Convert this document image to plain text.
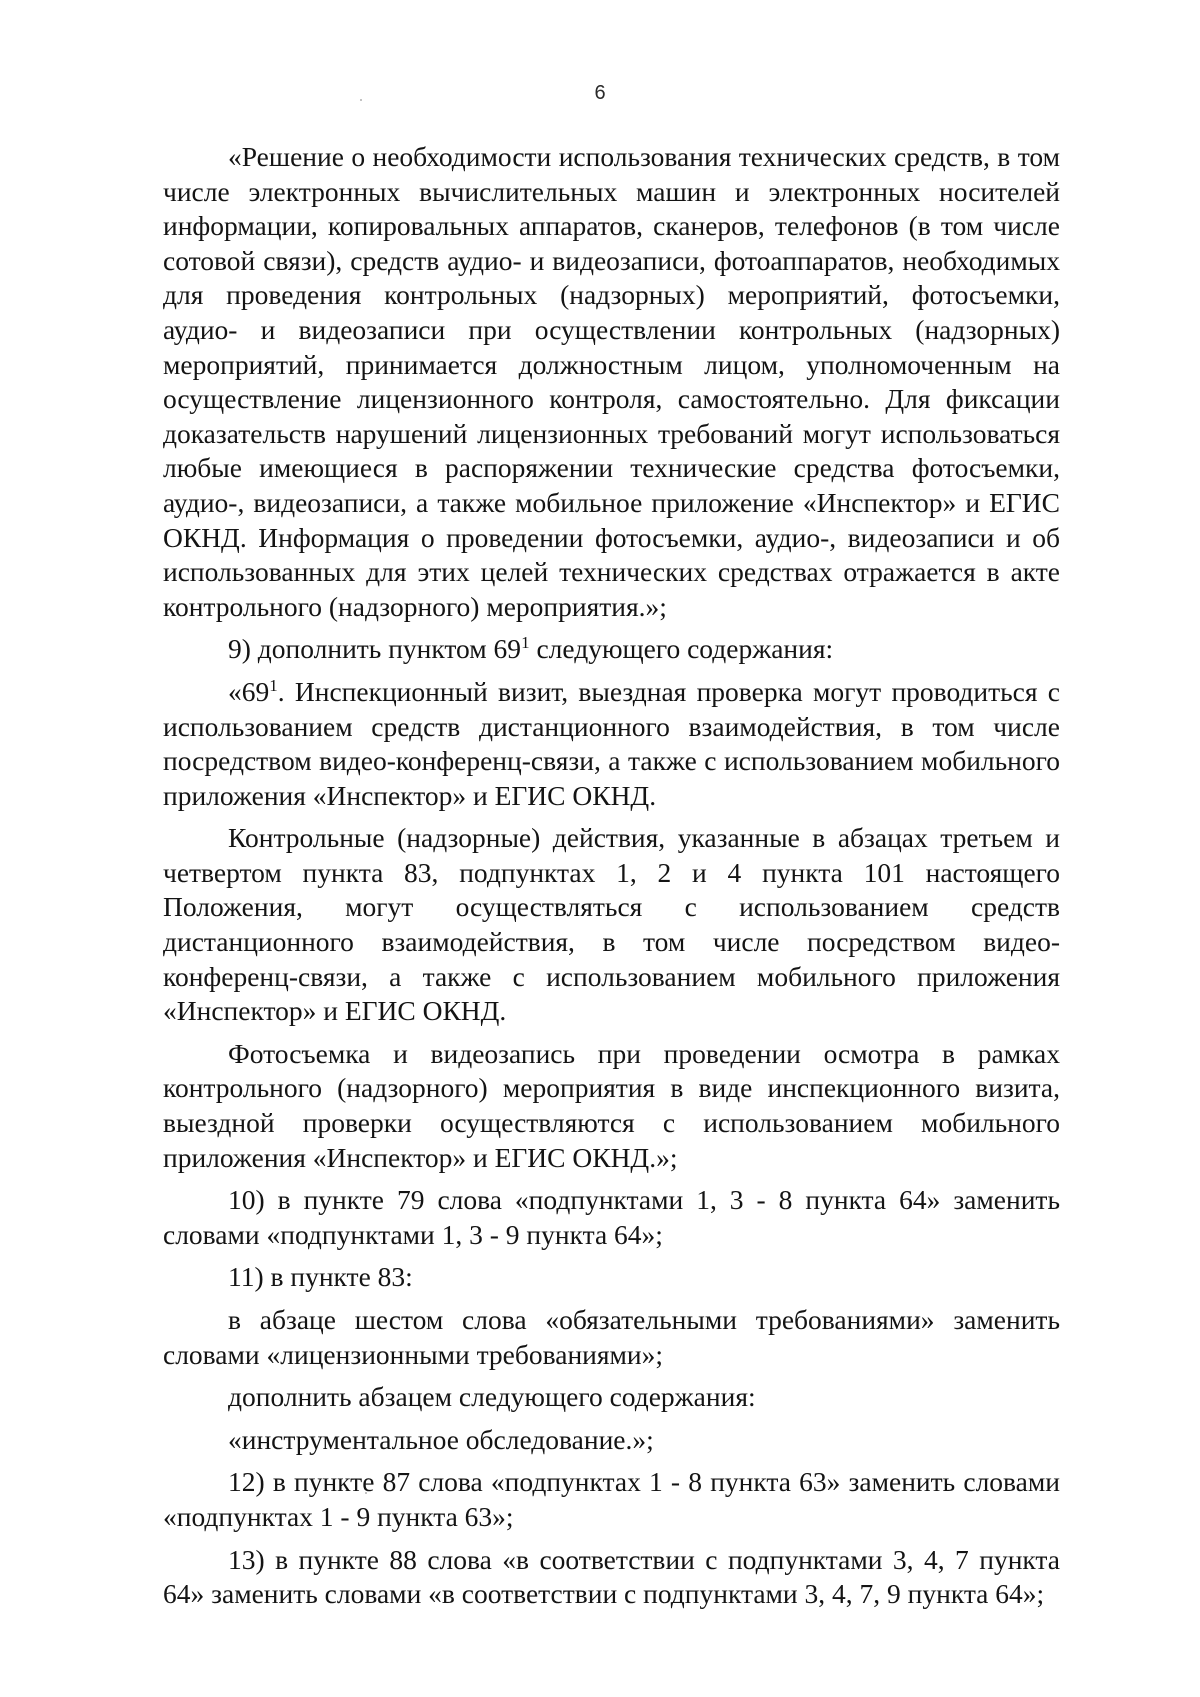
6

«Решение о необходимости использования технических средств, в том числе электронных вычислительных машин и электронных носителей информации, копировальных аппаратов, сканеров, телефонов (в том числе сотовой связи), средств аудио- и видеозаписи, фотоаппаратов, необходимых для проведения контрольных (надзорных) мероприятий, фотосъемки, аудио- и видеозаписи при осуществлении контрольных (надзорных) мероприятий, принимается должностным лицом, уполномоченным на осуществление лицензионного контроля, самостоятельно. Для фиксации доказательств нарушений лицензионных требований могут использоваться любые имеющиеся в распоряжении технические средства фотосъемки, аудио-, видеозаписи, а также мобильное приложение «Инспектор» и ЕГИС ОКНД. Информация о проведении фотосъемки, аудио-, видеозаписи и об использованных для этих целей технических средствах отражается в акте контрольного (надзорного) мероприятия.»;

9) дополнить пунктом $69^1$ следующего содержания:

«$69^1$. Инспекционный визит, выездная проверка могут проводиться с использованием средств дистанционного взаимодействия, в том числе посредством видео-конференц-связи, а также с использованием мобильного приложения «Инспектор» и ЕГИС ОКНД.

Контрольные (надзорные) действия, указанные в абзацах третьем и четвертом пункта 83, подпунктах 1, 2 и 4 пункта 101 настоящего Положения, могут осуществляться с использованием средств дистанционного взаимодействия, в том числе посредством видео-конференц-связи, а также с использованием мобильного приложения «Инспектор» и ЕГИС ОКНД.

Фотосъемка и видеозапись при проведении осмотра в рамках контрольного (надзорного) мероприятия в виде инспекционного визита, выездной проверки осуществляются с использованием мобильного приложения «Инспектор» и ЕГИС ОКНД.»;

10) в пункте 79 слова «подпунктами 1, 3 - 8 пункта 64» заменить словами «подпунктами 1, 3 - 9 пункта 64»;

11) в пункте 83:

в абзаце шестом слова «обязательными требованиями» заменить словами «лицензионными требованиями»;

дополнить абзацем следующего содержания:

«инструментальное обследование.»;

12) в пункте 87 слова «подпунктах 1 - 8 пункта 63» заменить словами «подпунктах 1 - 9 пункта 63»;

13) в пункте 88 слова «в соответствии с подпунктами 3, 4, 7 пункта 64» заменить словами «в соответствии с подпунктами 3, 4, 7, 9 пункта 64»;
